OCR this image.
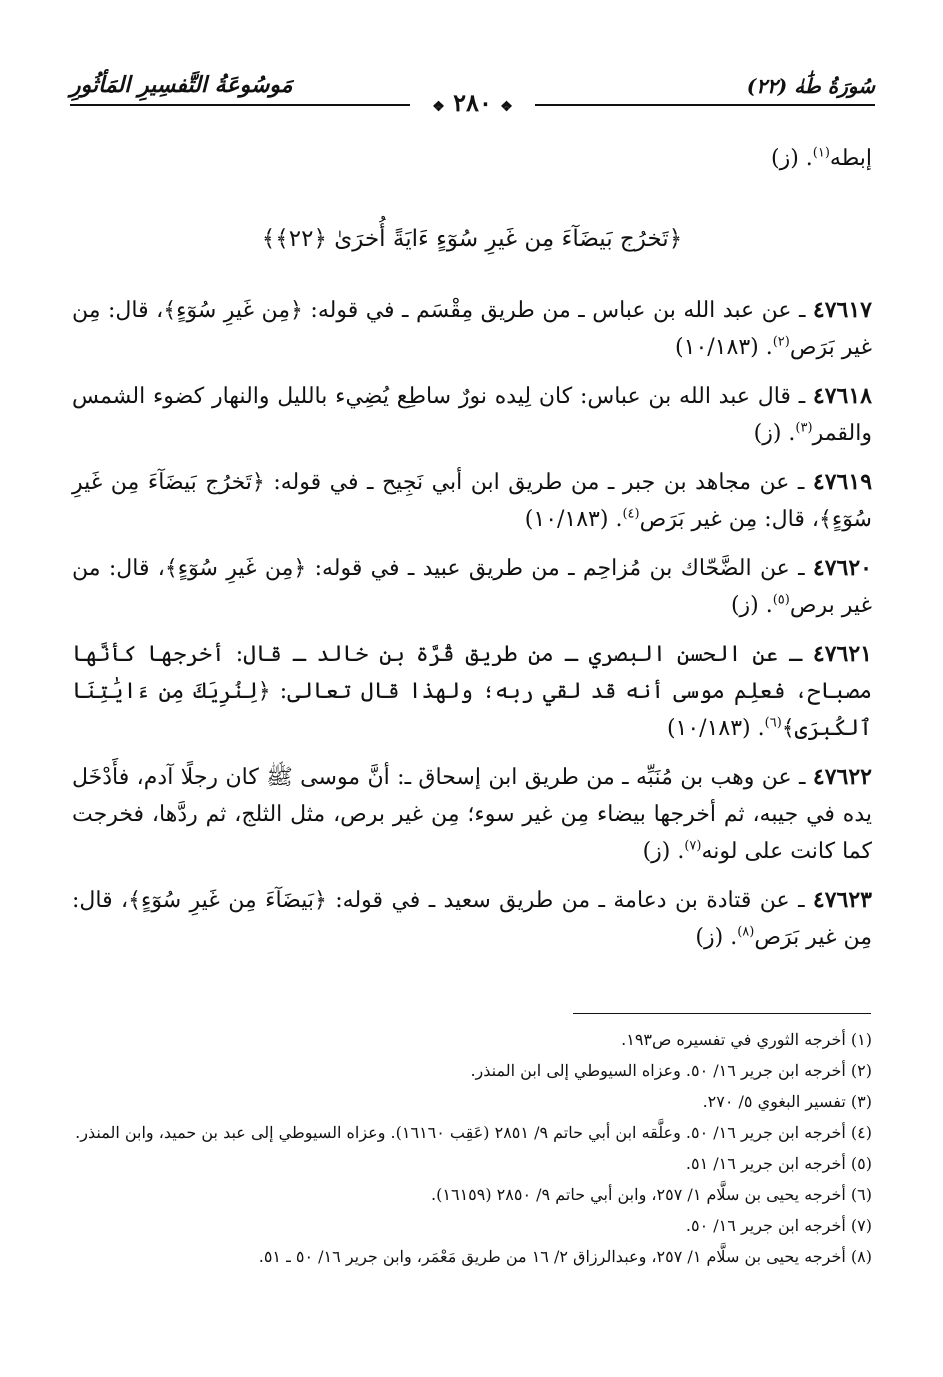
مَوسُوعَةُ التَّفسِيرِ المَأثُورِ	سُورَةُ طَٰهٰ (٢٢)
❖ ٢٨٠ ❖

إبطه$^{(١)}$. (ز)

﴿تَخرُج بَيضَآءَ مِن غَيرِ سُوٓءٍ ءَايَةً أُخرَىٰ ﴿٢٢﴾﴾

٤٧٦١٧ ـ عن عبد الله بن عباس ـ من طريق مِقْسَم ـ في قوله: ﴿مِن غَيرِ سُوٓءٍ﴾، قال: مِن غير بَرَص$^{(٢)}$. (١٠/١٨٣)

٤٧٦١٨ ـ قال عبد الله بن عباس: كان لِيده نورٌ ساطِع يُضِيء بالليل والنهار كضوء الشمس والقمر$^{(٣)}$. (ز)

٤٧٦١٩ ـ عن مجاهد بن جبر ـ من طريق ابن أبي نَجِيح ـ في قوله: ﴿تَخرُج بَيضَآءَ مِن غَيرِ سُوٓءٍ﴾، قال: مِن غير بَرَص$^{(٤)}$. (١٠/١٨٣)

٤٧٦٢٠ ـ عن الضَّحّاك بن مُزاحِم ـ من طريق عبيد ـ في قوله: ﴿مِن غَيرِ سُوٓءٍ﴾، قال: من غير برص$^{(٥)}$. (ز)

٤٧٦٢١ ـ عن الحسن البصري ـ من طريق قُرَّة بن خالد ـ قال: أخرجها كأنَّها مصباح، فعلِم موسى أنه قد لقي ربه؛ ولهذا قال تعالى: ﴿لِنُرِيَكَ مِن ءَايَٰتِنَا ٱلكُبرَى﴾$^{(٦)}$. (١٠/١٨٣)

٤٧٦٢٢ ـ عن وهب بن مُنَبِّه ـ من طريق ابن إسحاق ـ: أنَّ موسى ﷺ كان رجلًا آدم، فأَدْخَل يده في جيبه، ثم أخرجها بيضاء مِن غير سوء؛ مِن غير برص، مثل الثلج، ثم ردَّها، فخرجت كما كانت على لونه$^{(٧)}$. (ز)

٤٧٦٢٣ ـ عن قتادة بن دعامة ـ من طريق سعيد ـ في قوله: ﴿بَيضَآءَ مِن غَيرِ سُوٓءٍ﴾، قال: مِن غير بَرَص$^{(٨)}$. (ز)

(١) أخرجه الثوري في تفسيره ص١٩٣.
(٢) أخرجه ابن جرير ١٦/ ٥٠. وعزاه السيوطي إلى ابن المنذر.
(٣) تفسير البغوي ٥/ ٢٧٠.
(٤) أخرجه ابن جرير ١٦/ ٥٠. وعلَّقه ابن أبي حاتم ٩/ ٢٨٥١ (عَقِب ١٦١٦٠). وعزاه السيوطي إلى عبد بن حميد، وابن المنذر.
(٥) أخرجه ابن جرير ١٦/ ٥١.
(٦) أخرجه يحيى بن سلَّام ١/ ٢٥٧، وابن أبي حاتم ٩/ ٢٨٥٠ (١٦١٥٩).
(٧) أخرجه ابن جرير ١٦/ ٥٠.
(٨) أخرجه يحيى بن سلَّام ١/ ٢٥٧، وعبدالرزاق ٢/ ١٦ من طريق مَعْمَر، وابن جرير ١٦/ ٥٠ ـ ٥١.
